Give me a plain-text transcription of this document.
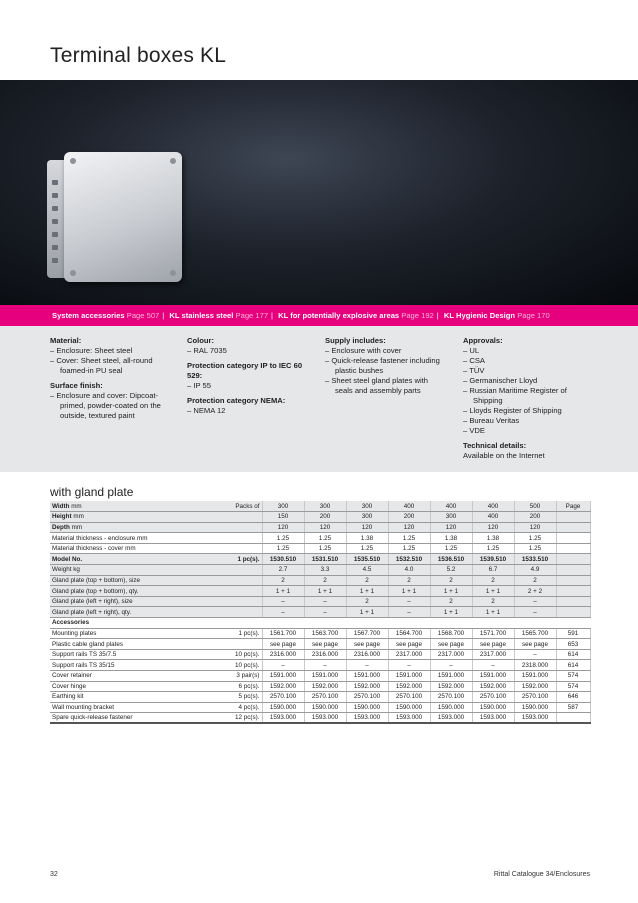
Terminal boxes KL
System accessories Page 507 | KL stainless steel Page 177 | KL for potentially explosive areas Page 192 | KL Hygienic Design Page 170
Material:
– Enclosure: Sheet steel
– Cover: Sheet steel, all-round foamed-in PU seal
Surface finish:
– Enclosure and cover: Dipcoat-primed, powder-coated on the outside, textured paint
Colour:
– RAL 7035
Protection category IP to IEC 60 529:
– IP 55
Protection category NEMA:
– NEMA 12
Supply includes:
– Enclosure with cover
– Quick-release fastener including plastic bushes
– Sheet steel gland plates with seals and assembly parts
Approvals:
– UL
– CSA
– TÜV
– Germanischer Lloyd
– Russian Maritime Register of Shipping
– Lloyds Register of Shipping
– Bureau Veritas
– VDE
Technical details:
Available on the Internet
with gland plate
Width mm	Packs of	300	300	300	400	400	400	500	Page
Height mm		150	200	300	200	300	400	200	
Depth mm		120	120	120	120	120	120	120	
Material thickness - enclosure mm		1.25	1.25	1.38	1.25	1.38	1.38	1.25	
Material thickness - cover mm		1.25	1.25	1.25	1.25	1.25	1.25	1.25	
Model No.	1 pc(s).	1530.510	1531.510	1535.510	1532.510	1536.510	1539.510	1533.510	
Weight kg		2.7	3.3	4.5	4.0	5.2	6.7	4.9	
Gland plate (top + bottom), size		2	2	2	2	2	2	2	
Gland plate (top + bottom), qty.		1 + 1	1 + 1	1 + 1	1 + 1	1 + 1	1 + 1	2 + 2	
Gland plate (left + right), size		–	–	2	–	2	2	–	
Gland plate (left + right), qty.		–	–	1 + 1	–	1 + 1	1 + 1	–	
Accessories									
Mounting plates	1 pc(s).	1561.700	1563.700	1567.700	1564.700	1568.700	1571.700	1565.700	591
Plastic cable gland plates		see page	see page	see page	see page	see page	see page	see page	653
Support rails TS 35/7.5	10 pc(s).	2316.000	2316.000	2316.000	2317.000	2317.000	2317.000	–	614
Support rails TS 35/15	10 pc(s).	–	–	–	–	–	–	2318.000	614
Cover retainer	3 pair(s)	1591.000	1591.000	1591.000	1591.000	1591.000	1591.000	1591.000	574
Cover hinge	6 pc(s).	1592.000	1592.000	1592.000	1592.000	1592.000	1592.000	1592.000	574
Earthing kit	5 pc(s).	2570.100	2570.100	2570.100	2570.100	2570.100	2570.100	2570.100	646
Wall mounting bracket	4 pc(s).	1590.000	1590.000	1590.000	1590.000	1590.000	1590.000	1590.000	587
Spare quick-release fastener	12 pc(s).	1593.000	1593.000	1593.000	1593.000	1593.000	1593.000	1593.000	
32	Rittal Catalogue 34/Enclosures
